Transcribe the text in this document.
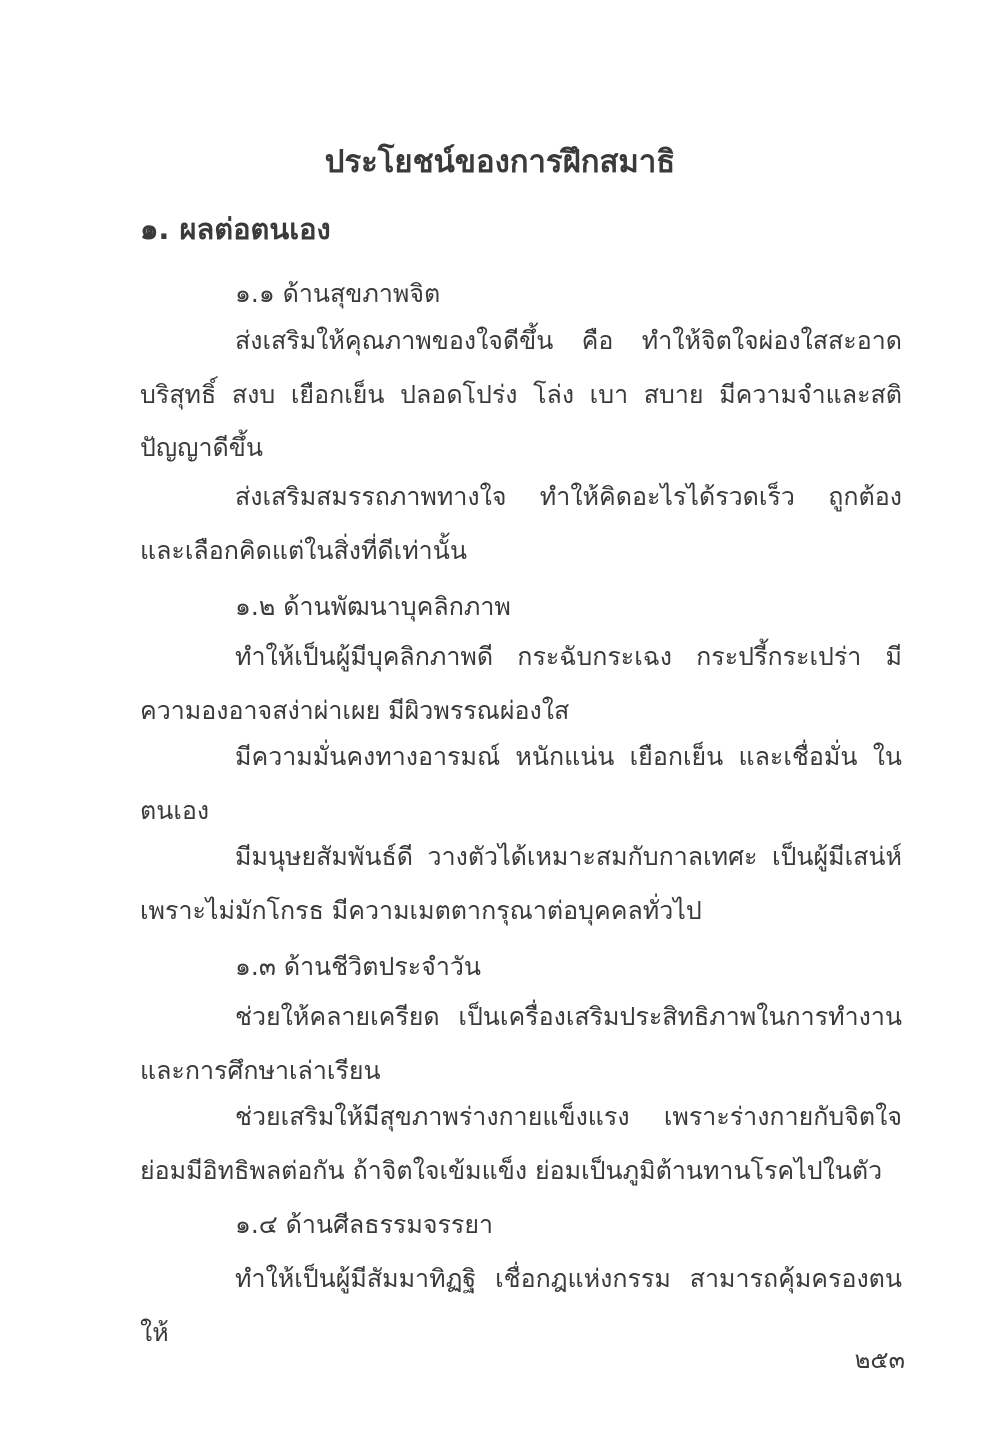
ประโยชน์ของการฝึกสมาธิ
๑. ผลต่อตนเอง

๑.๑ ด้านสุขภาพจิต

ส่งเสริมให้คุณภาพของใจดีขึ้น คือ ทำให้จิตใจผ่องใสสะอาด บริสุทธิ์ สงบ เยือกเย็น ปลอดโปร่ง โล่ง เบา สบาย มีความจำและสติปัญญาดีขึ้น

ส่งเสริมสมรรถภาพทางใจ ทำให้คิดอะไรได้รวดเร็ว ถูกต้อง และเลือกคิดแต่ในสิ่งที่ดีเท่านั้น

๑.๒ ด้านพัฒนาบุคลิกภาพ

ทำให้เป็นผู้มีบุคลิกภาพดี กระฉับกระเฉง กระปรี้กระเปร่า มีความองอาจสง่าผ่าเผย มีผิวพรรณผ่องใส

มีความมั่นคงทางอารมณ์ หนักแน่น เยือกเย็น และเชื่อมั่น ในตนเอง

มีมนุษยสัมพันธ์ดี วางตัวได้เหมาะสมกับกาลเทศะ เป็นผู้มีเสน่ห์ เพราะไม่มักโกรธ มีความเมตตากรุณาต่อบุคคลทั่วไป

๑.๓ ด้านชีวิตประจำวัน

ช่วยให้คลายเครียด เป็นเครื่องเสริมประสิทธิภาพในการทำงาน และการศึกษาเล่าเรียน

ช่วยเสริมให้มีสุขภาพร่างกายแข็งแรง เพราะร่างกายกับจิตใจ ย่อมมีอิทธิพลต่อกัน ถ้าจิตใจเข้มแข็ง ย่อมเป็นภูมิต้านทานโรคไปในตัว

๑.๔ ด้านศีลธรรมจรรยา

ทำให้เป็นผู้มีสัมมาทิฏฐิ เชื่อกฎแห่งกรรม สามารถคุ้มครองตนให้

๒๕๓
